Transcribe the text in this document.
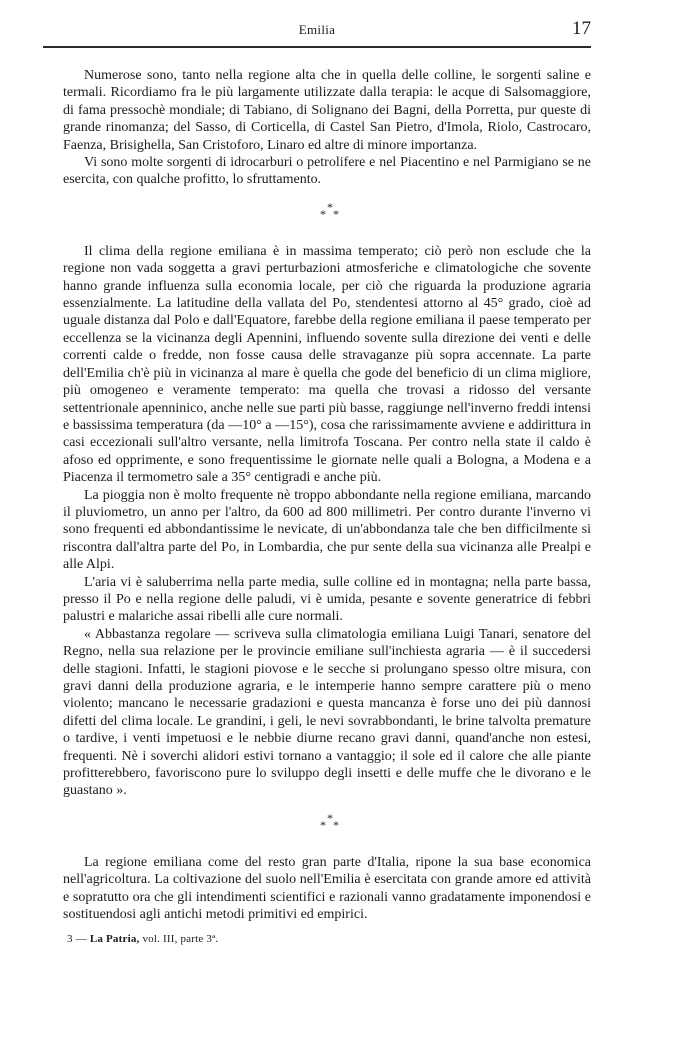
Emilia	17

Numerose sono, tanto nella regione alta che in quella delle colline, le sorgenti saline e termali. Ricordiamo fra le più largamente utilizzate dalla terapia: le acque di Salsomaggiore, di fama pressochè mondiale; di Tabiano, di Solignano dei Bagni, della Porretta, pur queste di grande rinomanza; del Sasso, di Corticella, di Castel San Pietro, d'Imola, Riolo, Castrocaro, Faenza, Brisighella, San Cristoforo, Linaro ed altre di minore importanza.

Vi sono molte sorgenti di idrocarburi o petrolifere e nel Piacentino e nel Parmigiano se ne esercita, con qualche profitto, lo sfruttamento.

*
* *

Il clima della regione emiliana è in massima temperato; ciò però non esclude che la regione non vada soggetta a gravi perturbazioni atmosferiche e climatologiche che sovente hanno grande influenza sulla economia locale, per ciò che riguarda la produzione agraria essenzialmente. La latitudine della vallata del Po, stendentesi attorno al 45° grado, cioè ad uguale distanza dal Polo e dall'Equatore, farebbe della regione emiliana il paese temperato per eccellenza se la vicinanza degli Apennini, influendo sovente sulla direzione dei venti e delle correnti calde o fredde, non fosse causa delle stravaganze più sopra accennate. La parte dell'Emilia ch'è più in vicinanza al mare è quella che gode del beneficio di un clima migliore, più omogeneo e veramente temperato: ma quella che trovasi a ridosso del versante settentrionale apenninico, anche nelle sue parti più basse, raggiunge nell'inverno freddi intensi e bassissima temperatura (da —10° a —15°), cosa che rarissimamente avviene e addirittura in casi eccezionali sull'altro versante, nella limitrofa Toscana. Per contro nella state il caldo è afoso ed opprimente, e sono frequentissime le giornate nelle quali a Bologna, a Modena e a Piacenza il termometro sale a 35° centigradi e anche più.

La pioggia non è molto frequente nè troppo abbondante nella regione emiliana, marcando il pluviometro, un anno per l'altro, da 600 ad 800 millimetri. Per contro durante l'inverno vi sono frequenti ed abbondantissime le nevicate, di un'abbondanza tale che ben difficilmente si riscontra dall'altra parte del Po, in Lombardia, che pur sente della sua vicinanza alle Prealpi e alle Alpi.

L'aria vi è saluberrima nella parte media, sulle colline ed in montagna; nella parte bassa, presso il Po e nella regione delle paludi, vi è umida, pesante e sovente generatrice di febbri palustri e malariche assai ribelli alle cure normali.

« Abbastanza regolare — scriveva sulla climatologia emiliana Luigi Tanari, senatore del Regno, nella sua relazione per le provincie emiliane sull'inchiesta agraria — è il succedersi delle stagioni. Infatti, le stagioni piovose e le secche si prolungano spesso oltre misura, con gravi danni della produzione agraria, e le intemperie hanno sempre carattere più o meno violento; mancano le necessarie gradazioni e questa mancanza è forse uno dei più dannosi difetti del clima locale. Le grandini, i geli, le nevi sovrabbondanti, le brine talvolta premature o tardive, i venti impetuosi e le nebbie diurne recano gravi danni, quand'anche non estesi, frequenti. Nè i soverchi alidori estivi tornano a vantaggio; il sole ed il calore che alle piante profitterebbero, favoriscono pure lo sviluppo degli insetti e delle muffe che le divorano e le guastano ».

*
* *

La regione emiliana come del resto gran parte d'Italia, ripone la sua base economica nell'agricoltura. La coltivazione del suolo nell'Emilia è esercitata con grande amore ed attività e sopratutto ora che gli intendimenti scientifici e razionali vanno gradatamente imponendosi e sostituendosi agli antichi metodi primitivi ed empirici.

3 — La Patria, vol. III, parte 3ª.
